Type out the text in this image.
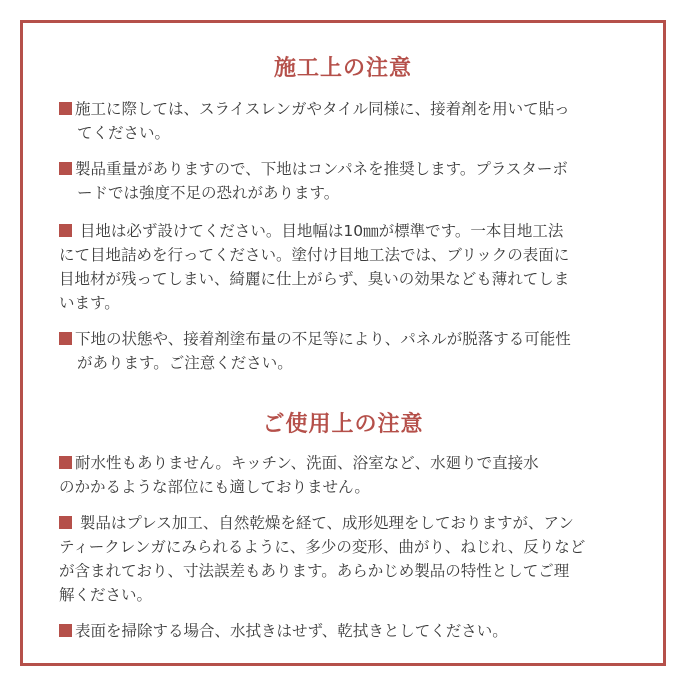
施工上の注意
施工に際しては、スライスレンガやタイル同様に、接着剤を用いて貼っ
てください。
製品重量がありますので、下地はコンパネを推奨します。プラスターボ
ードでは強度不足の恐れがあります。
目地は必ず設けてください。目地幅は10㎜が標準です。一本目地工法
にて目地詰めを行ってください。塗付け目地工法では、ブリックの表面に
目地材が残ってしまい、綺麗に仕上がらず、臭いの効果なども薄れてしま
います。
下地の状態や、接着剤塗布量の不足等により、パネルが脱落する可能性
があります。ご注意ください。
ご使用上の注意
耐水性もありません。キッチン、洗面、浴室など、水廻りで直接水
のかかるような部位にも適しておりません。
製品はプレス加工、自然乾燥を経て、成形処理をしておりますが、アン
ティークレンガにみられるように、多少の変形、曲がり、ねじれ、反りなど
が含まれており、寸法誤差もあります。あらかじめ製品の特性としてご理
解ください。
表面を掃除する場合、水拭きはせず、乾拭きとしてください。
